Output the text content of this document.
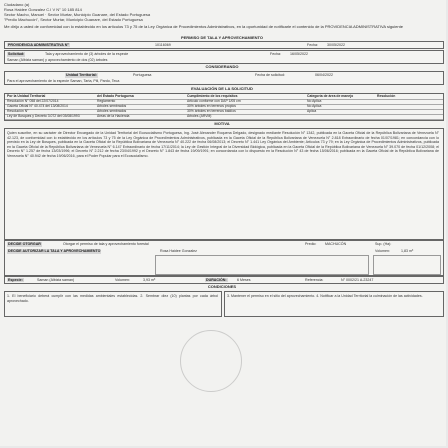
Ciudadano (a)
Rosa Haidee Gonzalez C.I V N° 10 185 814
Sector Macho, Manuel · Sector Murtar, Municipio Guanare, del Estado Portuguesa
"Predio Machucón", Sector Murtar, Municipio Guanare, del Estado Portuguesa
Me dirijo a usted de conformidad con lo establecido en los artículos 73 y 75 de la Ley Orgánica de Procedimientos Administrativos, en la oportunidad de notificarle el contenido de la PROVIDENCIA ADMINISTRATIVA siguiente
PERMISO DE TALA Y APROVECHAMIENTO
PROVIDENCIA ADMINISTRATIVA N°	10116069	Fecha:	30/05/2022
Solicitud:	Tala y aprovechamiento de (3) árboles de la especie	Fecha:	16/05/2022
Saman (Albizia saman) y aprovechamiento de dos (02) árboles
CONSIDERANDO
Unidad Territorial:	Portuguesa	Fecha de solicitud:	06/04/2022
Para el aprovechamiento de la especie Saman, Tarta, Pili, Pardo, Teca
EVALUACIÓN DE LA SOLICITUD
Por la Unidad Territorial	del Estado Portuguesa	Cumplimiento de los requisitos	Categoría de área de manejo	Resolución
Resolución N° 058 del 22/07/2014	Reglamento	Articulo conforme con DAP 1/05 cm	No Aplica
Gaceta Oficial N° 40.474 del 13/08/2014	Árboles sembrados	30% árboles en terrenos propios	No Aplica
Resolución N°	Árboles sembrados	30% árboles en terrenos baldíos	Aplica
Ley de Bosques y Decreto 3.072 del 03/08/1993	Áreas de la Hacienda	Árboles (ARVM)
MOTIVA
Quien suscribe, en su carácter de Director Encargado de la Unidad Territorial del Ecosocialismo Portuguesa, Ing. José Alexander Roquena Delgado, designado mediante Resolución N° 1342, publicada en la Gaceta Oficial de la República Bolivariana de Venezuela N° 42.123, de conformidad con lo establecido en los artículos 73 y 75 de la Ley Orgánica de Procedimientos Administrativos, publicada en la Gaceta Oficial de la República Bolivariana de Venezuela N° 2.818 Extraordinario de fecha 01/07/1981; en concordancia con lo previsto en la Ley de Bosques, publicada en la Gaceta Oficial de la República Bolivariana de Venezuela N° 40.222 de fecha 06/08/2013; el Decreto N° 1.441 Ley Orgánica del Ambiente; Artículos 73 y 79; en la Ley Orgánica de Procedimientos Administrativos, publicada en la Gaceta Oficial de la República Bolivariana de Venezuela N° 6.147 Extraordinario de fecha 17/11/2014; la Ley de Gestión Integral de la Diversidad Biológica, publicada en la Gaceta Oficial de la República Bolivariana de Venezuela N° 39.070 de fecha 01/12/2008; el Decreto N° 1.257 de fecha 13/03/1996; el Decreto N° 2.212 de fecha 23/04/1992 y el Decreto N° 1.843 de fecha 19/09/1991; en concordancia con lo dispuesto en la Resolución N° 43 de fecha 15/06/2016; publicada en la Gaceta Oficial de la República Bolivariana de Venezuela N° 40.942 de fecha 19/06/2016, para el Poder Popular para el Ecosocialismo.
DECIDE OTORGAR	Otorgar el permiso de tala y aprovechamiento forestal	Predio: MACHUCÓN	Sup. (Ha):
DECIDE AUTORIZAR LA TALA Y APROVECHAMIENTO	Rosa Haidee Gonzalez	Volumen:	1,83 m³
Especie:	Saman (Albizia saman)	Volumen:	3,93 m³	DURACIÓN:	6 Meses	Referencia:	N° 0002/21 A-23247
CONDICIONES
1. El beneficiario deberá cumplir con las medidas ambientales establecidas. 2. Sembrar diez (10) plantas por cada árbol aprovechado.
3. Mantener el permiso en el sitio del aprovechamiento. 4. Notificar a la Unidad Territorial la culminación de las actividades.
